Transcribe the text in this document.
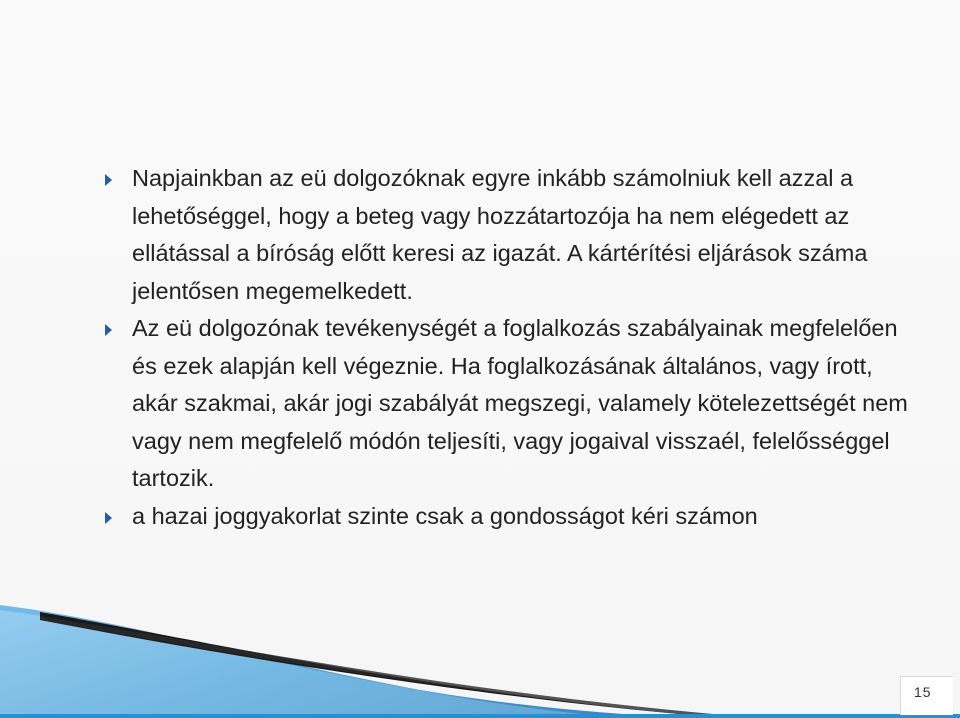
Napjainkban az eü dolgozóknak egyre inkább számolniuk kell azzal a lehetőséggel, hogy a beteg vagy hozzátartozója ha nem elégedett az ellátással a bíróság előtt keresi az igazát. A kártérítési eljárások száma jelentősen megemelkedett.
Az eü dolgozónak tevékenységét a foglalkozás szabályainak megfelelően és ezek alapján kell végeznie. Ha foglalkozásának általános, vagy írott, akár szakmai, akár jogi szabályát megszegi, valamely kötelezettségét nem vagy nem megfelelő módón teljesíti, vagy jogaival visszaél, felelősséggel tartozik.
a hazai joggyakorlat szinte csak a gondosságot kéri számon
15
